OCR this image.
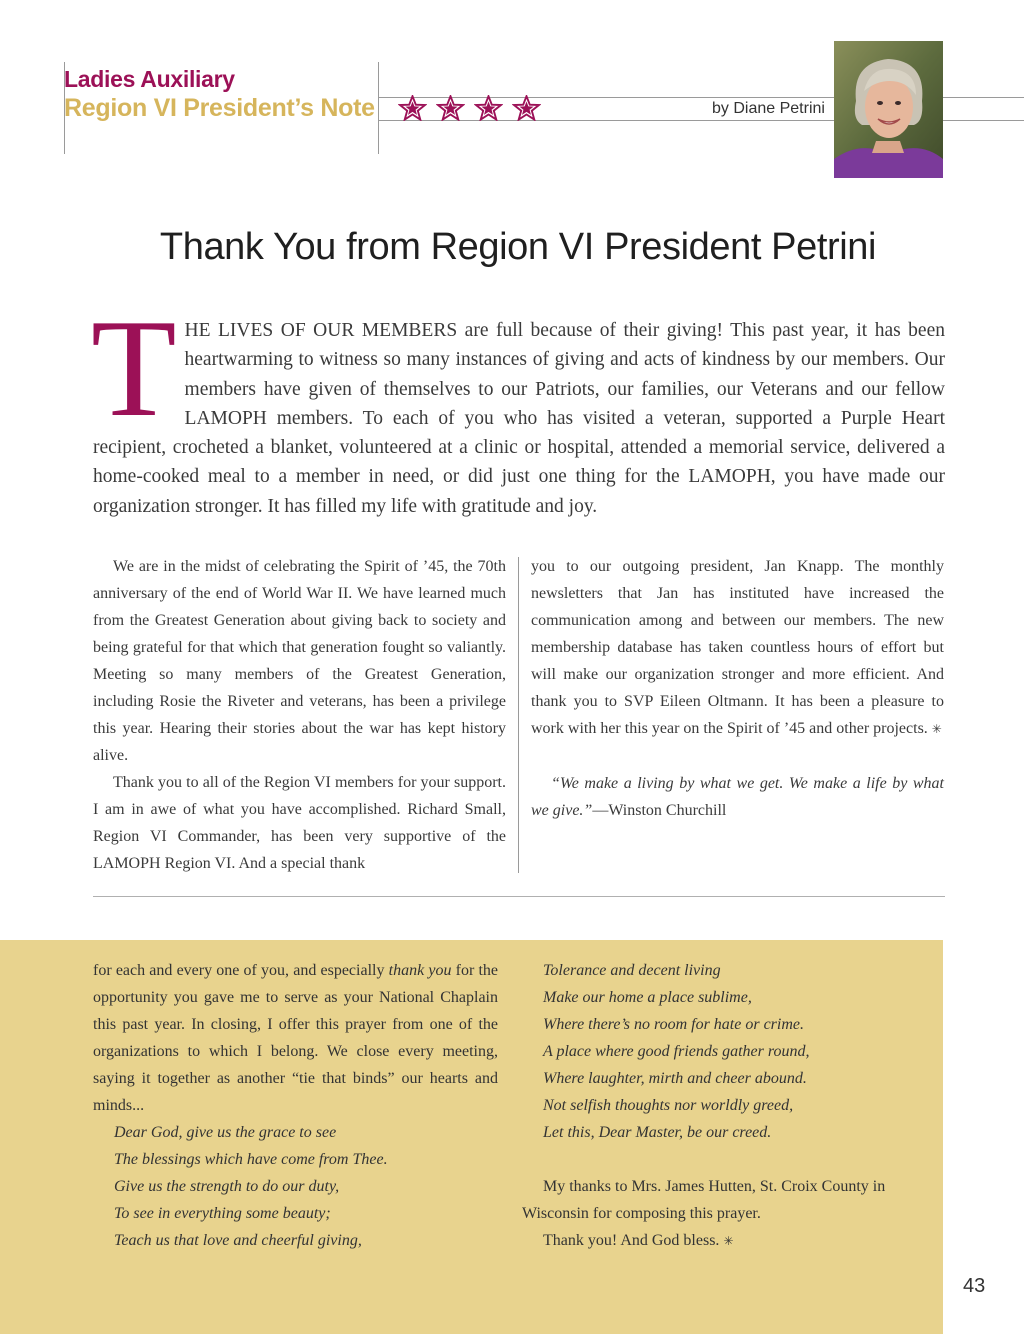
Ladies Auxiliary
Region VI President’s Note	by Diane Petrini
Thank You from Region VI President Petrini
THE LIVES OF OUR MEMBERS are full because of their giving! This past year, it has been heartwarming to witness so many instances of giving and acts of kindness by our members. Our members have given of themselves to our Patriots, our families, our Veterans and our fellow LAMOPH members. To each of you who has visited a veteran, supported a Purple Heart recipient, crocheted a blanket, volunteered at a clinic or hospital, attended a memorial service, delivered a home-cooked meal to a member in need, or did just one thing for the LAMOPH, you have made our organization stronger. It has filled my life with gratitude and joy.

We are in the midst of celebrating the Spirit of ’45, the 70th anniversary of the end of World War II. We have learned much from the Greatest Generation about giving back to society and being grateful for that which that generation fought so valiantly. Meeting so many members of the Greatest Generation, including Rosie the Riveter and veterans, has been a privilege this year. Hearing their stories about the war has kept history alive.

Thank you to all of the Region VI members for your support. I am in awe of what you have accomplished. Richard Small, Region VI Commander, has been very supportive of the LAMOPH Region VI. And a special thank

you to our outgoing president, Jan Knapp. The monthly newsletters that Jan has instituted have increased the communication among and between our members. The new membership database has taken countless hours of effort but will make our organization stronger and more efficient. And thank you to SVP Eileen Oltmann. It has been a pleasure to work with her this year on the Spirit of ’45 and other projects. ✳

“We make a living by what we get. We make a life by what we give.”—Winston Churchill

for each and every one of you, and especially thank you for the opportunity you gave me to serve as your National Chaplain this past year. In closing, I offer this prayer from one of the organizations to which I belong. We close every meeting, saying it together as another “tie that binds” our hearts and minds...
Dear God, give us the grace to see
The blessings which have come from Thee.
Give us the strength to do our duty,
To see in everything some beauty;
Teach us that love and cheerful giving,
Tolerance and decent living
Make our home a place sublime,
Where there’s no room for hate or crime.
A place where good friends gather round,
Where laughter, mirth and cheer abound.
Not selfish thoughts nor worldly greed,
Let this, Dear Master, be our creed.
My thanks to Mrs. James Hutten, St. Croix County in Wisconsin for composing this prayer.
Thank you! And God bless. ✳
43
